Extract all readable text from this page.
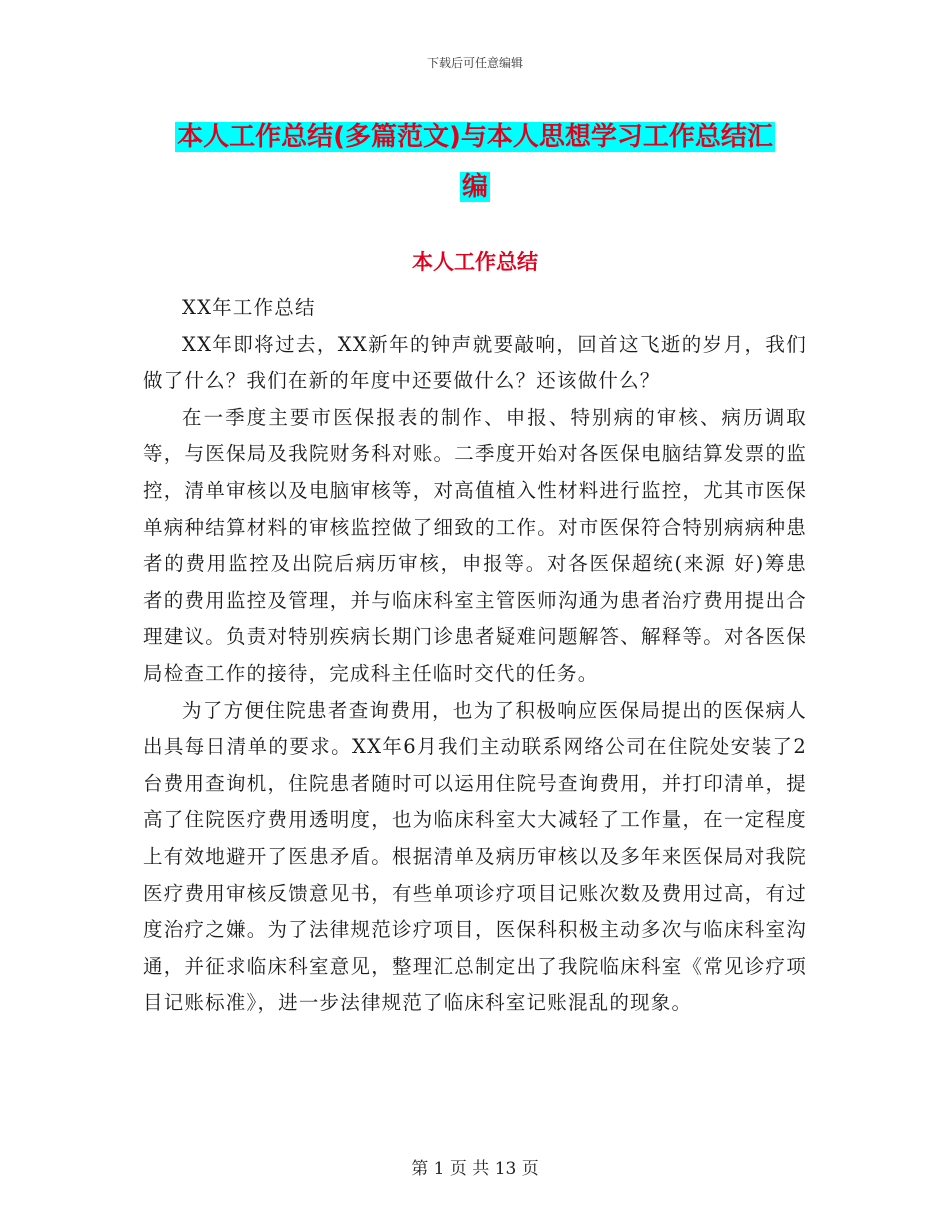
下载后可任意编辑
本人工作总结(多篇范文)与本人思想学习工作总结汇
编
本人工作总结

XX年工作总结

XX年即将过去，XX新年的钟声就要敲响，回首这飞逝的岁月，我们做了什么？我们在新的年度中还要做什么？还该做什么？

在一季度主要市医保报表的制作、申报、特别病的审核、病历调取等，与医保局及我院财务科对账。二季度开始对各医保电脑结算发票的监控，清单审核以及电脑审核等，对高值植入性材料进行监控，尤其市医保单病种结算材料的审核监控做了细致的工作。对市医保符合特别病病种患者的费用监控及出院后病历审核，申报等。对各医保超统(来源 好)筹患者的费用监控及管理，并与临床科室主管医师沟通为患者治疗费用提出合理建议。负责对特别疾病长期门诊患者疑难问题解答、解释等。对各医保局检查工作的接待，完成科主任临时交代的任务。

为了方便住院患者查询费用，也为了积极响应医保局提出的医保病人出具每日清单的要求。XX年6月我们主动联系网络公司在住院处安装了2台费用查询机，住院患者随时可以运用住院号查询费用，并打印清单，提高了住院医疗费用透明度，也为临床科室大大减轻了工作量，在一定程度上有效地避开了医患矛盾。根据清单及病历审核以及多年来医保局对我院医疗费用审核反馈意见书，有些单项诊疗项目记账次数及费用过高，有过度治疗之嫌。为了法律规范诊疗项目，医保科积极主动多次与临床科室沟通，并征求临床科室意见，整理汇总制定出了我院临床科室《常见诊疗项目记账标准》，进一步法律规范了临床科室记账混乱的现象。

第 1 页 共 13 页
